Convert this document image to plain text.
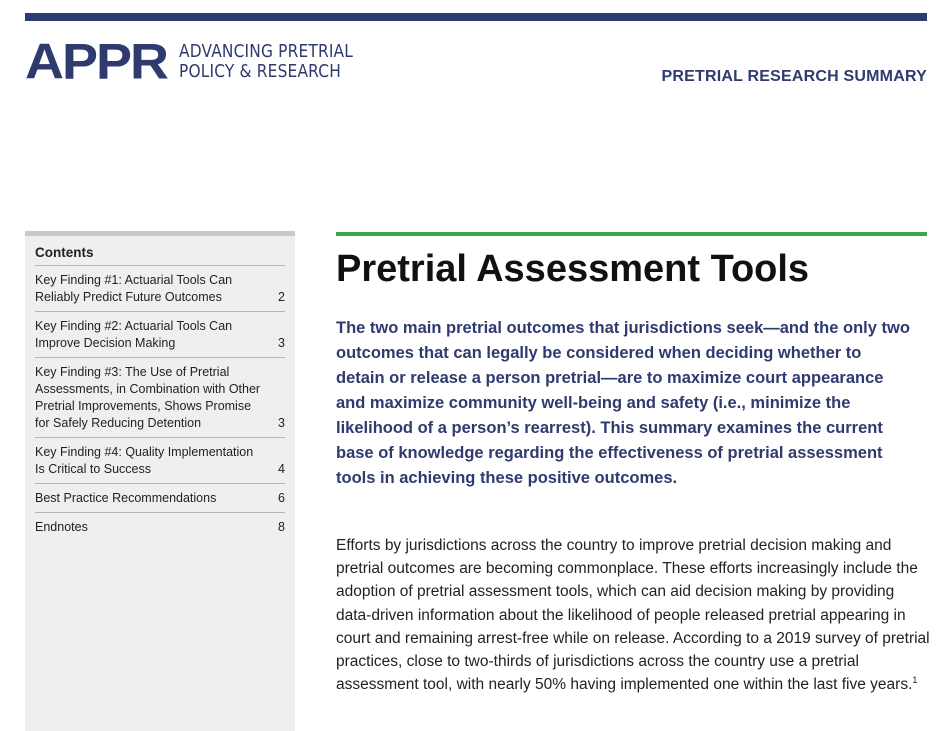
APPR ADVANCING PRETRIAL
POLICY & RESEARCH	PRETRIAL RESEARCH SUMMARY
Contents
Key Finding #1: Actuarial Tools Can Reliably Predict Future Outcomes	2
Key Finding #2: Actuarial Tools Can Improve Decision Making	3
Key Finding #3: The Use of Pretrial Assessments, in Combination with Other Pretrial Improvements, Shows Promise for Safely Reducing Detention	3
Key Finding #4: Quality Implementation Is Critical to Success	4
Best Practice Recommendations	6
Endnotes	8
Pretrial Assessment Tools

The two main pretrial outcomes that jurisdictions seek—and the only two outcomes that can legally be considered when deciding whether to detain or release a person pretrial—are to maximize court appearance and maximize community well-being and safety (i.e., minimize the likelihood of a person’s rearrest). This summary examines the current base of knowledge regarding the effectiveness of pretrial assessment tools in achieving these positive outcomes.

Efforts by jurisdictions across the country to improve pretrial decision making and pretrial outcomes are becoming commonplace. These efforts increasingly include the adoption of pretrial assessment tools, which can aid decision making by providing data-driven information about the likelihood of people released pretrial appearing in court and remaining arrest-free while on release. According to a 2019 survey of pretrial practices, close to two-thirds of jurisdictions across the country use a pretrial assessment tool, with nearly 50% having implemented one within the last five years.$^1$
